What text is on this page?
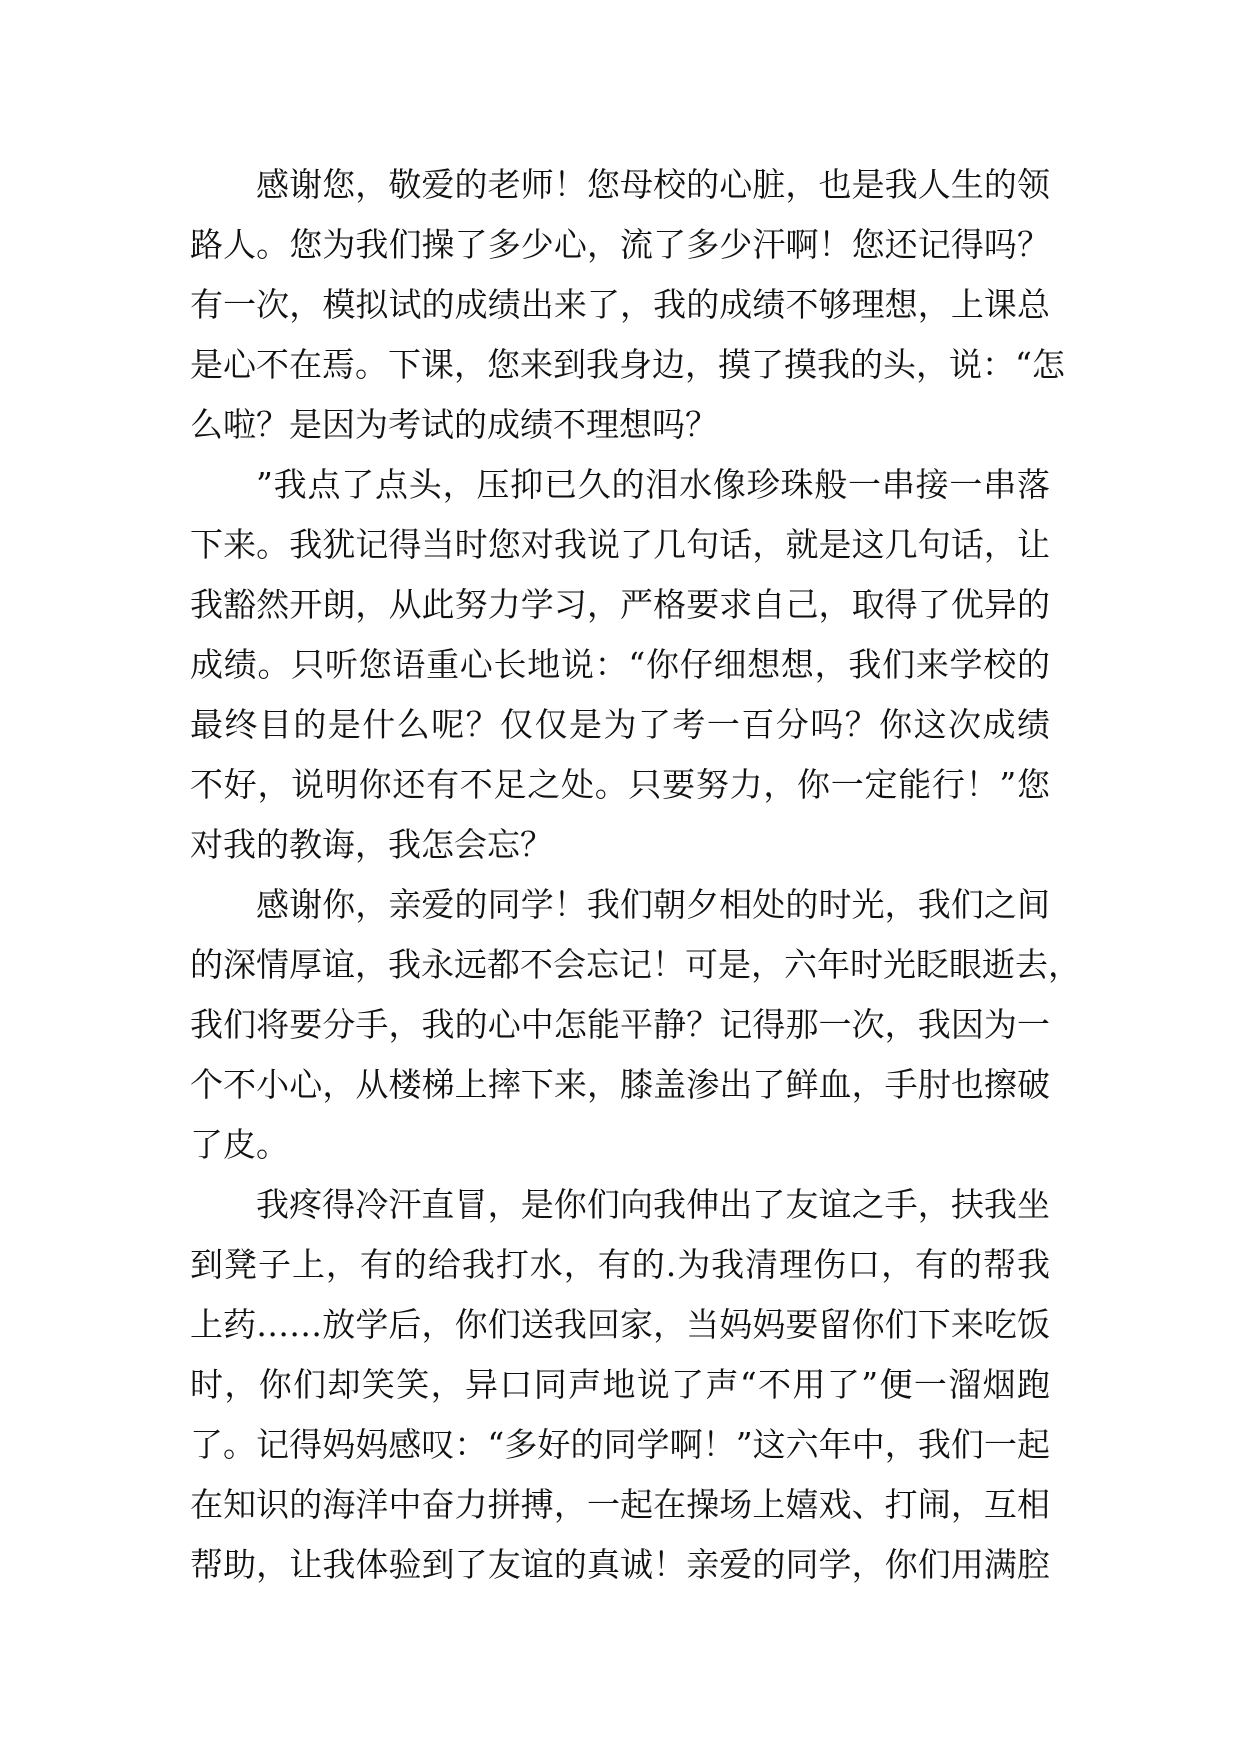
感谢您，敬爱的老师！您母校的心脏，也是我人生的领
路人。您为我们操了多少心，流了多少汗啊！您还记得吗？
有一次，模拟试的成绩出来了，我的成绩不够理想，上课总
是心不在焉。下课，您来到我身边，摸了摸我的头，说：“怎
么啦？是因为考试的成绩不理想吗？
”我点了点头，压抑已久的泪水像珍珠般一串接一串落
下来。我犹记得当时您对我说了几句话，就是这几句话，让
我豁然开朗，从此努力学习，严格要求自己，取得了优异的
成绩。只听您语重心长地说：“你仔细想想，我们来学校的
最终目的是什么呢？仅仅是为了考一百分吗？你这次成绩
不好，说明你还有不足之处。只要努力，你一定能行！”您
对我的教诲，我怎会忘？
感谢你，亲爱的同学！我们朝夕相处的时光，我们之间
的深情厚谊，我永远都不会忘记！可是，六年时光眨眼逝去，
我们将要分手，我的心中怎能平静？记得那一次，我因为一
个不小心，从楼梯上摔下来，膝盖渗出了鲜血，手肘也擦破
了皮。
我疼得冷汗直冒，是你们向我伸出了友谊之手，扶我坐
到凳子上，有的给我打水，有的.为我清理伤口，有的帮我
上药……放学后，你们送我回家，当妈妈要留你们下来吃饭
时，你们却笑笑，异口同声地说了声“不用了”便一溜烟跑
了。记得妈妈感叹：“多好的同学啊！”这六年中，我们一起
在知识的海洋中奋力拼搏，一起在操场上嬉戏、打闹，互相
帮助，让我体验到了友谊的真诚！亲爱的同学，你们用满腔
